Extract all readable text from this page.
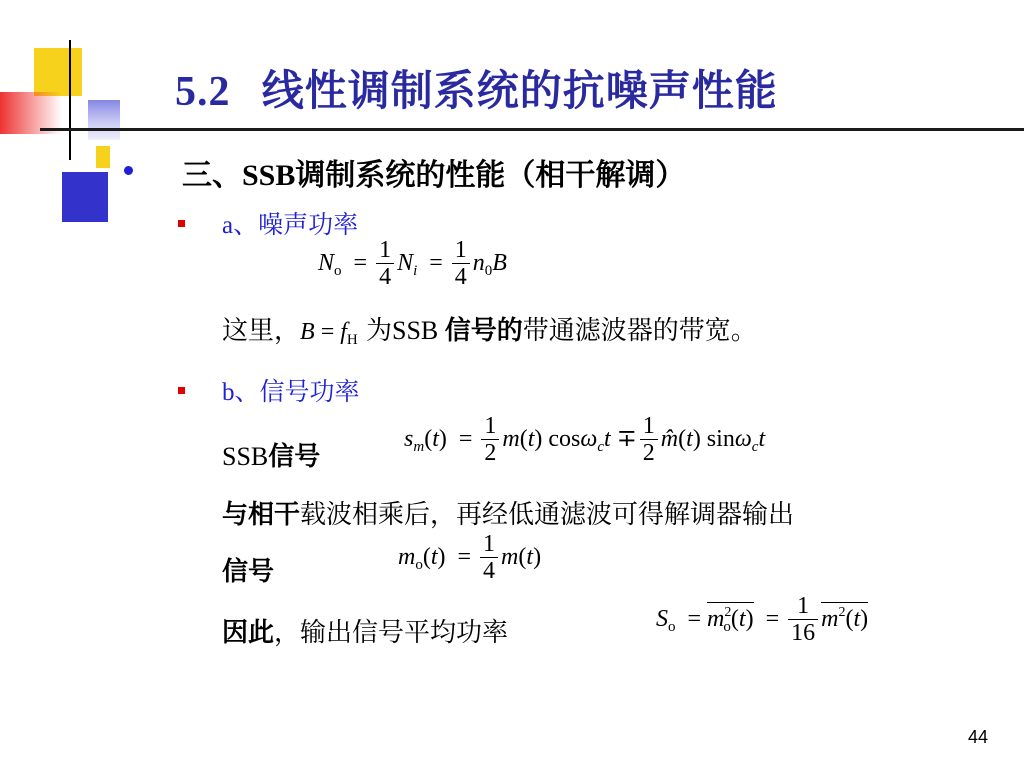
5.2 线性调制系统的抗噪声性能
三、SSB调制系统的性能（相干解调）
a、噪声功率
$N_o = \frac{1}{4} N_i = \frac{1}{4} n_0B$
这里，$B = f_H$ 为SSB 信号的带通滤波器的带宽。
b、信号功率
SSB信号
$s_m(t) = \frac{1}{2} m(t) \cos\omega_ct \mp \frac{1}{2}$ m̂(t) sinω$_c$t
与相干载波相乘后，再经低通滤波可得解调器输出
信号
$m_o(t) = \frac{1}{4} m(t)$
因此，输出信号平均功率	$S_o = m^2_o(t) = \frac{1}{16} m^2(t)$
44
